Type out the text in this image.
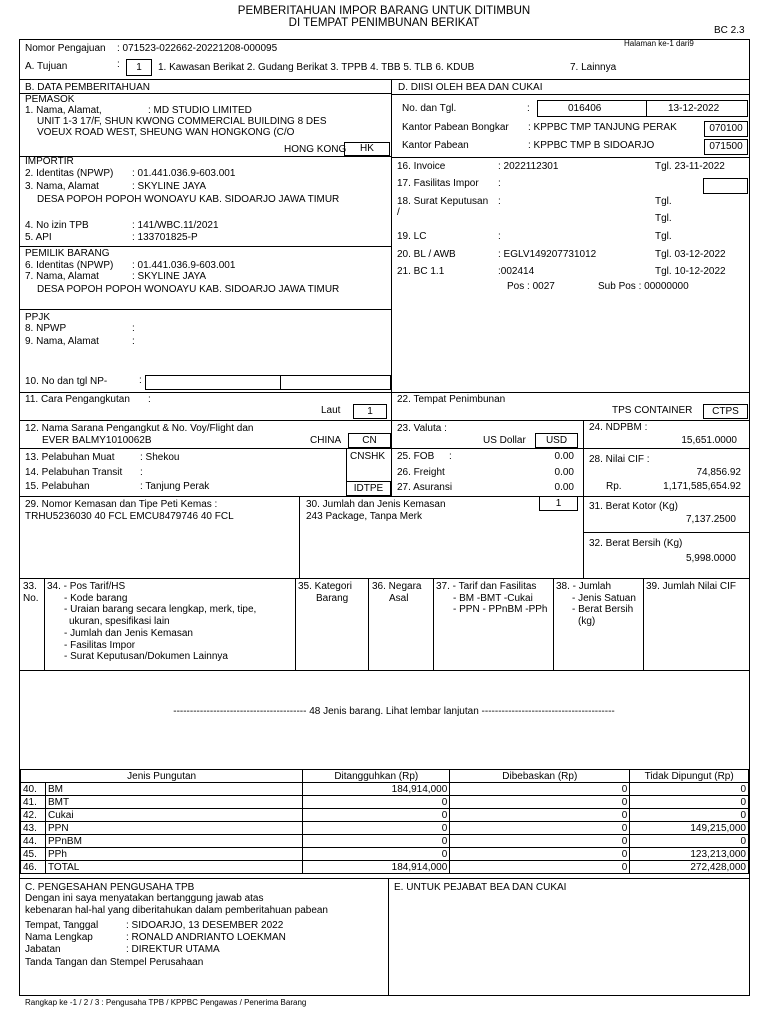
PEMBERITAHUAN IMPOR BARANG UNTUK DITIMBUN
DI TEMPAT PENIMBUNAN BERIKAT
BC 2.3
Halaman ke-1 dari9
Nomor Pengajuan : 071523-022662-20221208-000095
A. Tujuan	:	1	1. Kawasan Berikat 2. Gudang Berikat 3. TPPB 4. TBB 5. TLB 6. KDUB	7. Lainnya
B. DATA PEMBERITAHUAN
PEMASOK
1. Nama, Alamat,	: MD STUDIO LIMITED
UNIT 1-3 17/F, SHUN KWONG COMMERCIAL BUILDING 8 DES
VOEUX ROAD WEST, SHEUNG WAN HONGKONG (C/O
HONG KONG	HK
IMPORTIR
2. Identitas (NPWP) : 01.441.036.9-603.001
3. Nama, Alamat	: SKYLINE JAYA
DESA POPOH POPOH WONOAYU KAB. SIDOARJO JAWA TIMUR
4. No izin TPB	: 141/WBC.11/2021
5. API	: 133701825-P
PEMILIK BARANG
6. Identitas (NPWP) : 01.441.036.9-603.001
7. Nama, Alamat	: SKYLINE JAYA
DESA POPOH POPOH WONOAYU KAB. SIDOARJO JAWA TIMUR
PPJK
8. NPWP	:
9. Nama, Alamat	:
10. No dan tgl NP-	:
D. DIISI OLEH BEA DAN CUKAI
No. dan Tgl.	:	016406	13-12-2022
Kantor Pabean Bongkar : KPPBC TMP TANJUNG PERAK	070100
Kantor Pabean	: KPPBC TMP B SIDOARJO	071500
16. Invoice	: 2022112301	Tgl. 23-11-2022
17. Fasilitas Impor :
18. Surat Keputusan :	Tgl.
/
Tgl.
19. LC	:	Tgl.
20. BL / AWB	: EGLV149207731012	Tgl. 03-12-2022
21. BC 1.1	:002414	Tgl. 10-12-2022
Pos : 0027	Sub Pos : 00000000
11. Cara Pengangkutan :
Laut	1
22. Tempat Penimbunan
TPS CONTAINER	CTPS
12. Nama Sarana Pengangkut & No. Voy/Flight dan
EVER BALMY1010062B	CHINA	CN
23. Valuta :
US Dollar	USD
24. NDPBM :
15,651.0000
13. Pelabuhan Muat	: Shekou	CNSHK
14. Pelabuhan Transit :
15. Pelabuhan	: Tanjung Perak	IDTPE
25. FOB :	0.00
26. Freight	0.00
27. Asuransi	0.00
28. Nilai CIF :
74,856.92
Rp.	1,171,585,654.92
29. Nomor Kemasan dan Tipe Peti Kemas :
TRHU5236030 40 FCL EMCU8479746 40 FCL
30. Jumlah dan Jenis Kemasan
243 Package, Tanpa Merk
1	31. Berat Kotor (Kg)
7,137.2500
32. Berat Bersih (Kg)
5,998.0000
33.
No.
34. - Pos Tarif/HS
- Kode barang
- Uraian barang secara lengkap, merk, tipe,
ukuran, spesifikasi lain
- Jumlah dan Jenis Kemasan
- Fasilitas Impor
- Surat Keputusan/Dokumen Lainnya
35. Kategori
Barang
36. Negara
Asal
37. - Tarif dan Fasilitas
- BM -BMT -Cukai
- PPN - PPnBM -PPh
38. - Jumlah
- Jenis Satuan
- Berat Bersih
(kg)
39. Jumlah Nilai CIF
---------------------------------------- 48 Jenis barang. Lihat lembar lanjutan ----------------------------------------
Jenis Pungutan		Ditangguhkan (Rp)	Dibebaskan (Rp)	Tidak Dipungut (Rp)
40.	BM	184,914,000	0	0
41.	BMT	0	0	0
42.	Cukai	0	0	0
43.	PPN	0	0	149,215,000
44.	PPnBM	0	0	0
45.	PPh	0	0	123,213,000
46.	TOTAL	184,914,000	0	272,428,000
C. PENGESAHAN PENGUSAHA TPB
Dengan ini saya menyatakan bertanggung jawab atas
kebenaran hal-hal yang diberitahukan dalam pemberitahuan pabean
Tempat, Tanggal	: SIDOARJO, 13 DESEMBER 2022
Nama Lengkap	: RONALD ANDRIANTO LOEKMAN
Jabatan	: DIREKTUR UTAMA
Tanda Tangan dan Stempel Perusahaan
E. UNTUK PEJABAT BEA DAN CUKAI
Rangkap ke -1 / 2 / 3 : Pengusaha TPB / KPPBC Pengawas / Penerima Barang
